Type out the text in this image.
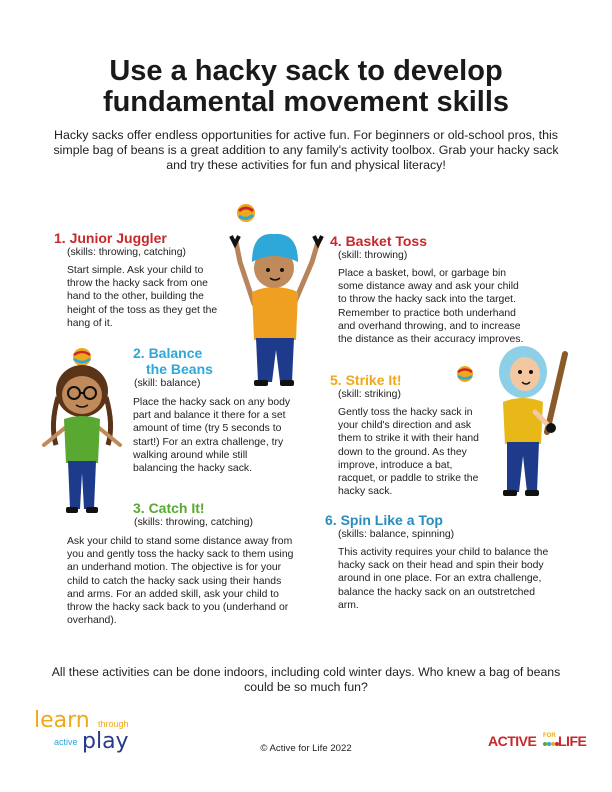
Use a hacky sack to develop
fundamental movement skills
Hacky sacks offer endless opportunities for active fun. For beginners or old-school pros, this simple bag of beans is a great addition to any family's activity toolbox. Grab your hacky sack and try these activities for fun and physical literacy!
1. Junior Juggler
(skills: throwing, catching)
Start simple. Ask your child to throw the hacky sack from one hand to the other, building the height of the toss as they get the hang of it.
2. Balance
the Beans
(skill: balance)
Place the hacky sack on any body part and balance it there for a set amount of time (try 5 seconds to start!) For an extra challenge, try walking around while still balancing the hacky sack.
3. Catch It!
(skills: throwing, catching)
Ask your child to stand some distance away from you and gently toss the hacky sack to them using an underhand motion. The objective is for your child to catch the hacky sack using their hands and arms. For an added skill, ask your child to throw the hacky sack back to you (underhand or overhand).
4. Basket Toss
(skill: throwing)
Place a basket, bowl, or garbage bin some distance away and ask your child to throw the hacky sack into the target. Remember to practice both underhand and overhand throwing, and to increase the distance as their accuracy improves.
5. Strike It!
(skill: striking)
Gently toss the hacky sack in your child's direction and ask them to strike it with their hand down to the ground. As they improve, introduce a bat, racquet, or paddle to strike the hacky sack.
6. Spin Like a Top
(skills: balance, spinning)
This activity requires your child to balance the hacky sack on their head and spin their body around in one place. For an extra challenge, balance the hacky sack on an outstretched arm.
All these activities can be done indoors, including cold winter days. Who knew a bag of beans could be so much fun?
© Active for Life 2022
learn through
active play	ACTIVE FOR LIFE
